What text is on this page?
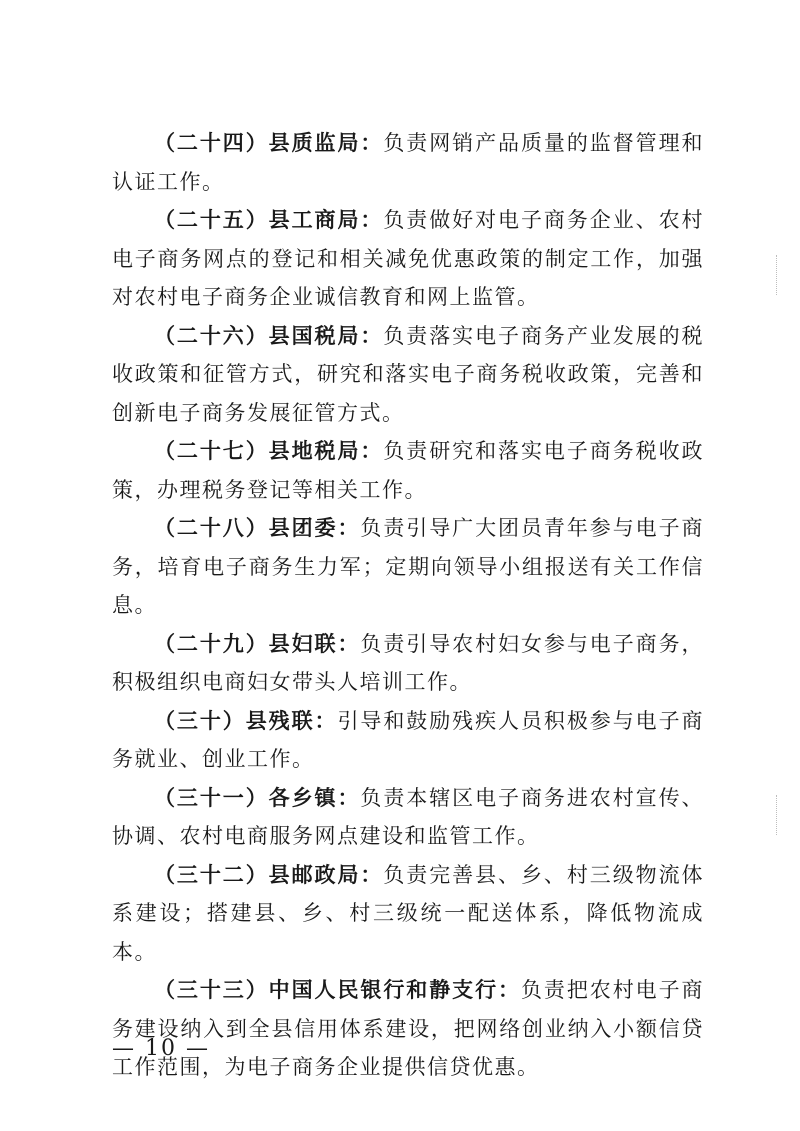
（二十四）县质监局：负责网销产品质量的监督管理和认证工作。

（二十五）县工商局：负责做好对电子商务企业、农村电子商务网点的登记和相关减免优惠政策的制定工作，加强对农村电子商务企业诚信教育和网上监管。

（二十六）县国税局：负责落实电子商务产业发展的税收政策和征管方式，研究和落实电子商务税收政策，完善和创新电子商务发展征管方式。

（二十七）县地税局：负责研究和落实电子商务税收政策，办理税务登记等相关工作。

（二十八）县团委：负责引导广大团员青年参与电子商务，培育电子商务生力军；定期向领导小组报送有关工作信息。

（二十九）县妇联：负责引导农村妇女参与电子商务，积极组织电商妇女带头人培训工作。

（三十）县残联：引导和鼓励残疾人员积极参与电子商务就业、创业工作。

（三十一）各乡镇：负责本辖区电子商务进农村宣传、协调、农村电商服务网点建设和监管工作。

（三十二）县邮政局：负责完善县、乡、村三级物流体系建设；搭建县、乡、村三级统一配送体系，降低物流成本。

（三十三）中国人民银行和静支行：负责把农村电子商务建设纳入到全县信用体系建设，把网络创业纳入小额信贷工作范围，为电子商务企业提供信贷优惠。

— 10 —
